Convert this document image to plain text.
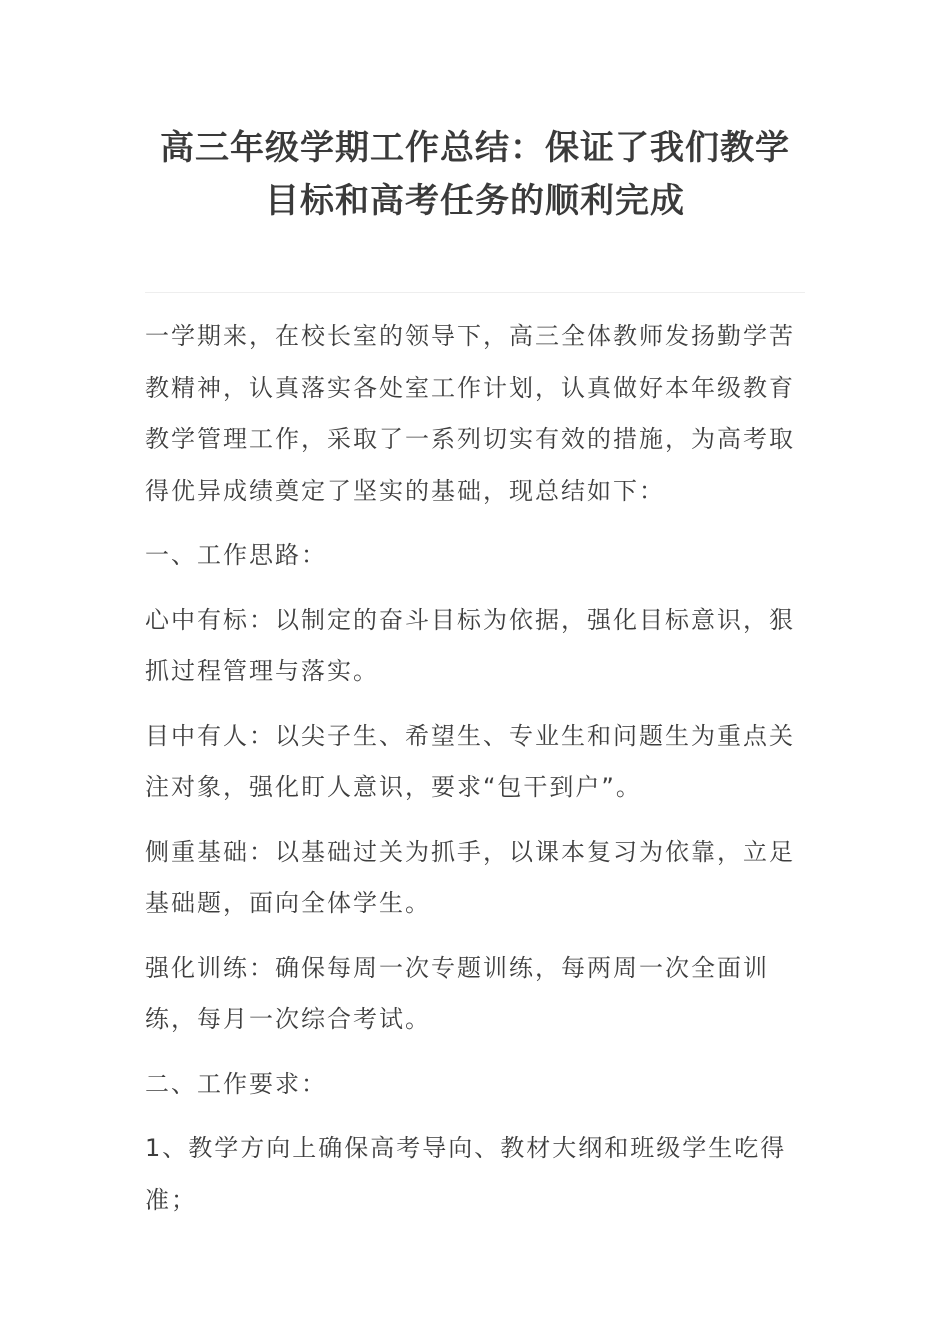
高三年级学期工作总结：保证了我们教学目标和高考任务的顺利完成

一学期来，在校长室的领导下，高三全体教师发扬勤学苦教精神，认真落实各处室工作计划，认真做好本年级教育教学管理工作，采取了一系列切实有效的措施，为高考取得优异成绩奠定了坚实的基础，现总结如下：

一、工作思路：

心中有标：以制定的奋斗目标为依据，强化目标意识，狠抓过程管理与落实。

目中有人：以尖子生、希望生、专业生和问题生为重点关注对象，强化盯人意识，要求“包干到户”。

侧重基础：以基础过关为抓手，以课本复习为依靠，立足基础题，面向全体学生。

强化训练：确保每周一次专题训练，每两周一次全面训练，每月一次综合考试。

二、工作要求：

1、教学方向上确保高考导向、教材大纲和班级学生吃得准；
